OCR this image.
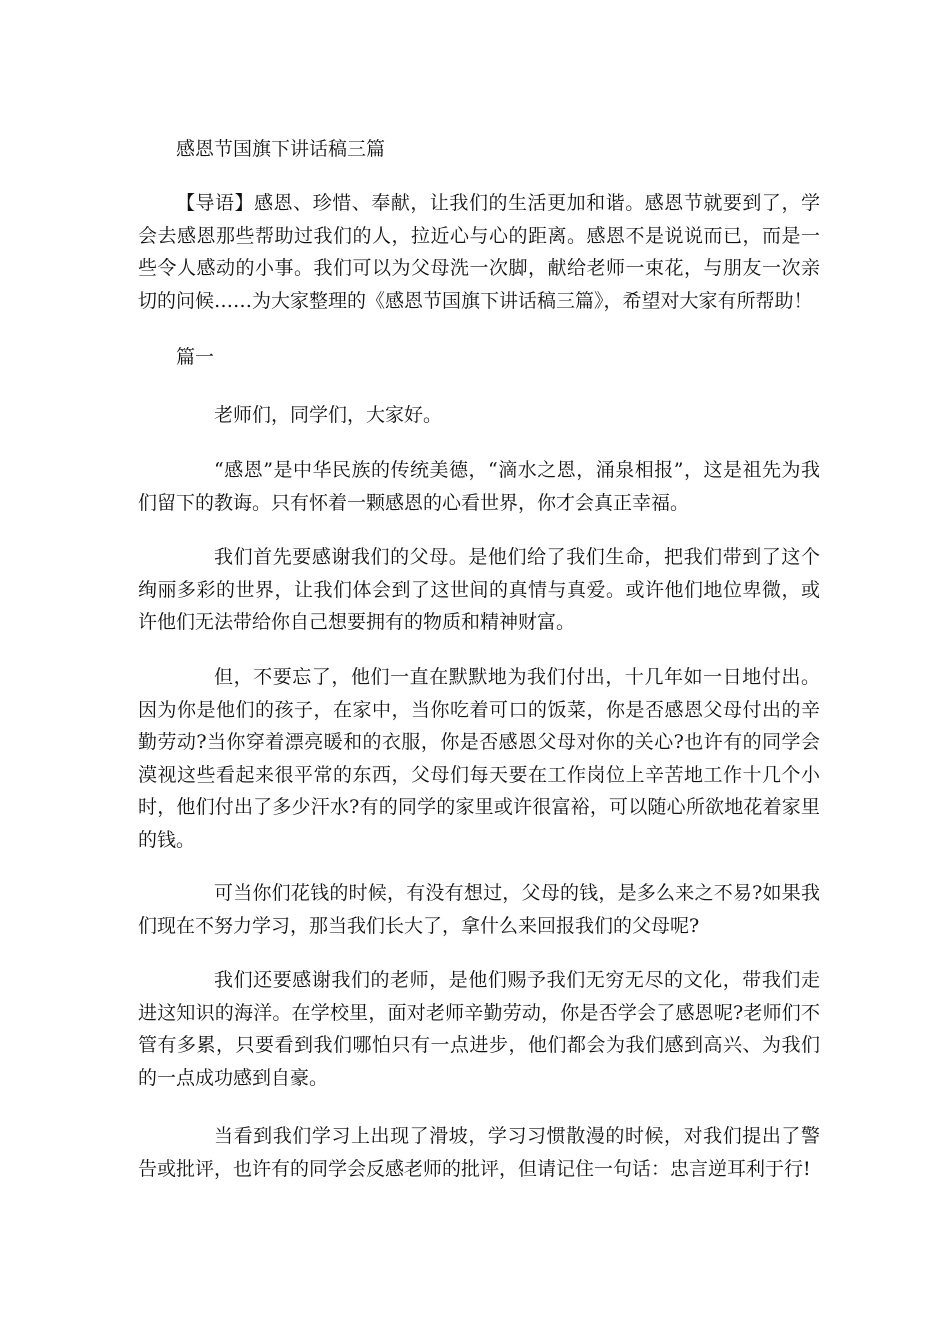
感恩节国旗下讲话稿三篇

【导语】感恩、珍惜、奉献，让我们的生活更加和谐。感恩节就要到了，学会去感恩那些帮助过我们的人，拉近心与心的距离。感恩不是说说而已，而是一些令人感动的小事。我们可以为父母洗一次脚，献给老师一束花，与朋友一次亲切的问候……为大家整理的《感恩节国旗下讲话稿三篇》，希望对大家有所帮助！

篇一

老师们，同学们，大家好。

“感恩”是中华民族的传统美德，“滴水之恩，涌泉相报”，这是祖先为我们留下的教诲。只有怀着一颗感恩的心看世界，你才会真正幸福。

我们首先要感谢我们的父母。是他们给了我们生命，把我们带到了这个绚丽多彩的世界，让我们体会到了这世间的真情与真爱。或许他们地位卑微，或许他们无法带给你自己想要拥有的物质和精神财富。

但，不要忘了，他们一直在默默地为我们付出，十几年如一日地付出。因为你是他们的孩子，在家中，当你吃着可口的饭菜，你是否感恩父母付出的辛勤劳动?当你穿着漂亮暖和的衣服，你是否感恩父母对你的关心?也许有的同学会漠视这些看起来很平常的东西，父母们每天要在工作岗位上辛苦地工作十几个小时，他们付出了多少汗水?有的同学的家里或许很富裕，可以随心所欲地花着家里的钱。

可当你们花钱的时候，有没有想过，父母的钱，是多么来之不易?如果我们现在不努力学习，那当我们长大了，拿什么来回报我们的父母呢?

我们还要感谢我们的老师，是他们赐予我们无穷无尽的文化，带我们走进这知识的海洋。在学校里，面对老师辛勤劳动，你是否学会了感恩呢?老师们不管有多累，只要看到我们哪怕只有一点进步，他们都会为我们感到高兴、为我们的一点成功感到自豪。

当看到我们学习上出现了滑坡，学习习惯散漫的时候，对我们提出了警告或批评，也许有的同学会反感老师的批评，但请记住一句话：忠言逆耳利于行!
